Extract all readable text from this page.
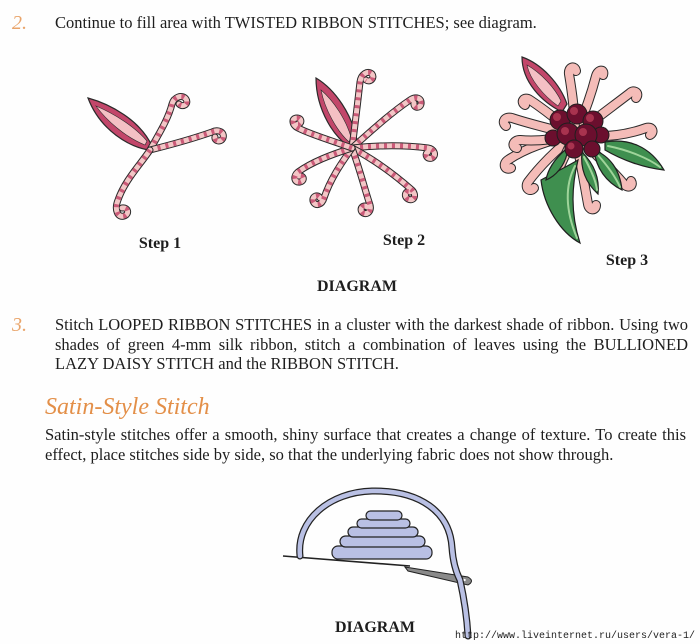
2. Continue to fill area with TWISTED RIBBON STITCHES; see diagram.
Step 1	Step 2
Step 3
DIAGRAM
3. Stitch LOOPED RIBBON STITCHES in a cluster with the darkest shade of ribbon. Using two
shades of green 4-mm silk ribbon, stitch a combination of leaves using the BULLIONED
LAZY DAISY STITCH and the RIBBON STITCH.
Satin-Style Stitch
Satin-style stitches offer a smooth, shiny surface that creates a change of texture. To create this
effect, place stitches side by side, so that the underlying fabric does not show through.
DIAGRAM
http://www.liveinternet.ru/users/vera-1/
